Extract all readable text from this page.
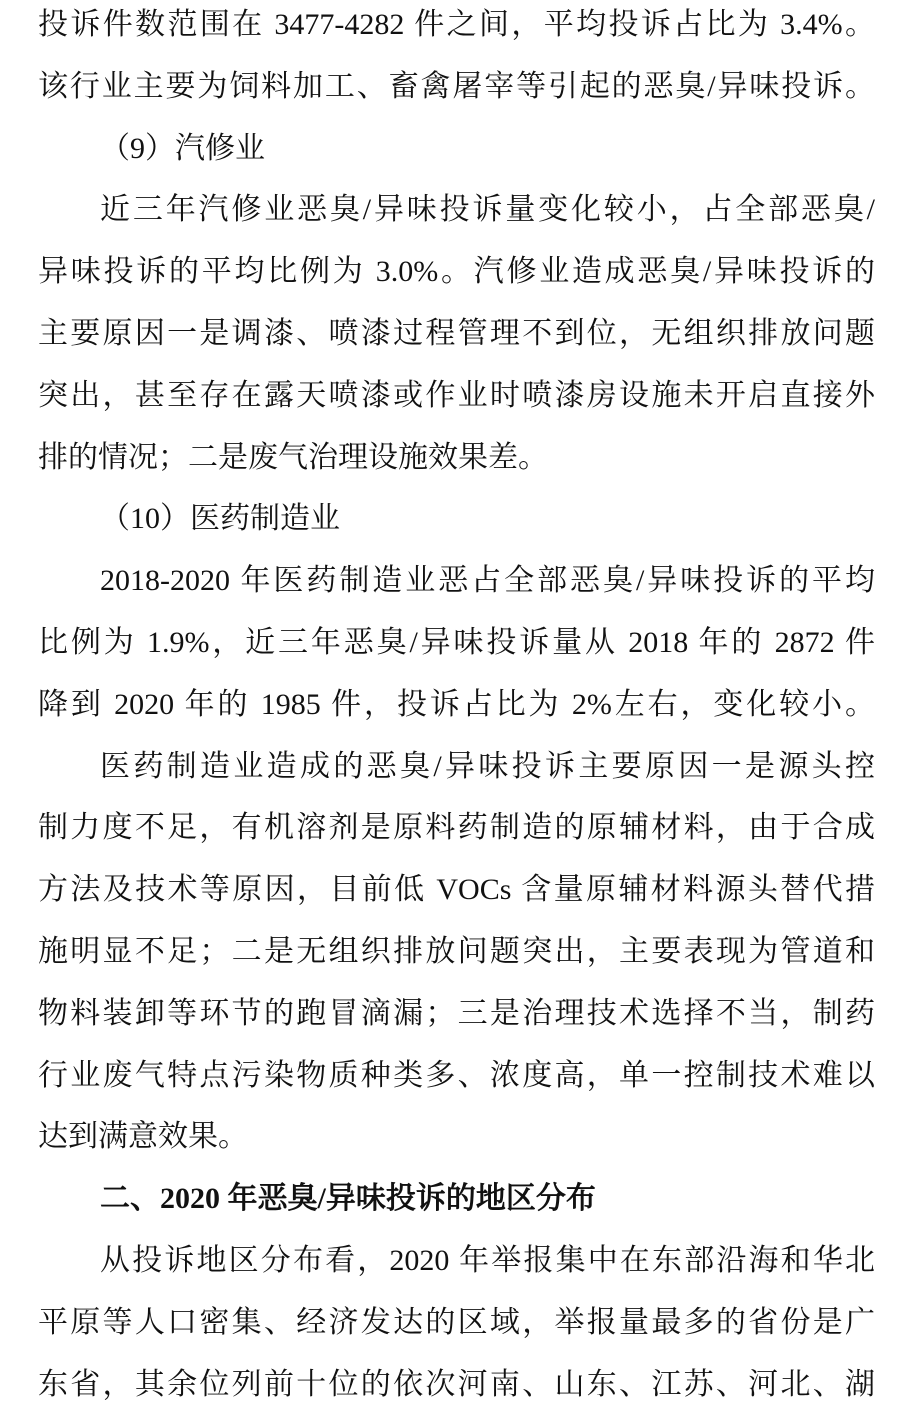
投诉件数范围在 3477-4282 件之间，平均投诉占比为 3.4%。
该行业主要为饲料加工、畜禽屠宰等引起的恶臭/异味投诉。
（9）汽修业
近三年汽修业恶臭/异味投诉量变化较小，占全部恶臭/
异味投诉的平均比例为 3.0%。汽修业造成恶臭/异味投诉的
主要原因一是调漆、喷漆过程管理不到位，无组织排放问题
突出，甚至存在露天喷漆或作业时喷漆房设施未开启直接外
排的情况；二是废气治理设施效果差。
（10）医药制造业
2018-2020 年医药制造业恶占全部恶臭/异味投诉的平均
比例为 1.9%，近三年恶臭/异味投诉量从 2018 年的 2872 件
降到 2020 年的 1985 件，投诉占比为 2%左右，变化较小。
医药制造业造成的恶臭/异味投诉主要原因一是源头控
制力度不足，有机溶剂是原料药制造的原辅材料，由于合成
方法及技术等原因，目前低 VOCs 含量原辅材料源头替代措
施明显不足；二是无组织排放问题突出，主要表现为管道和
物料装卸等环节的跑冒滴漏；三是治理技术选择不当，制药
行业废气特点污染物质种类多、浓度高，单一控制技术难以
达到满意效果。
二、2020 年恶臭/异味投诉的地区分布
从投诉地区分布看，2020 年举报集中在东部沿海和华北
平原等人口密集、经济发达的区域，举报量最多的省份是广
东省，其余位列前十位的依次河南、山东、江苏、河北、湖
